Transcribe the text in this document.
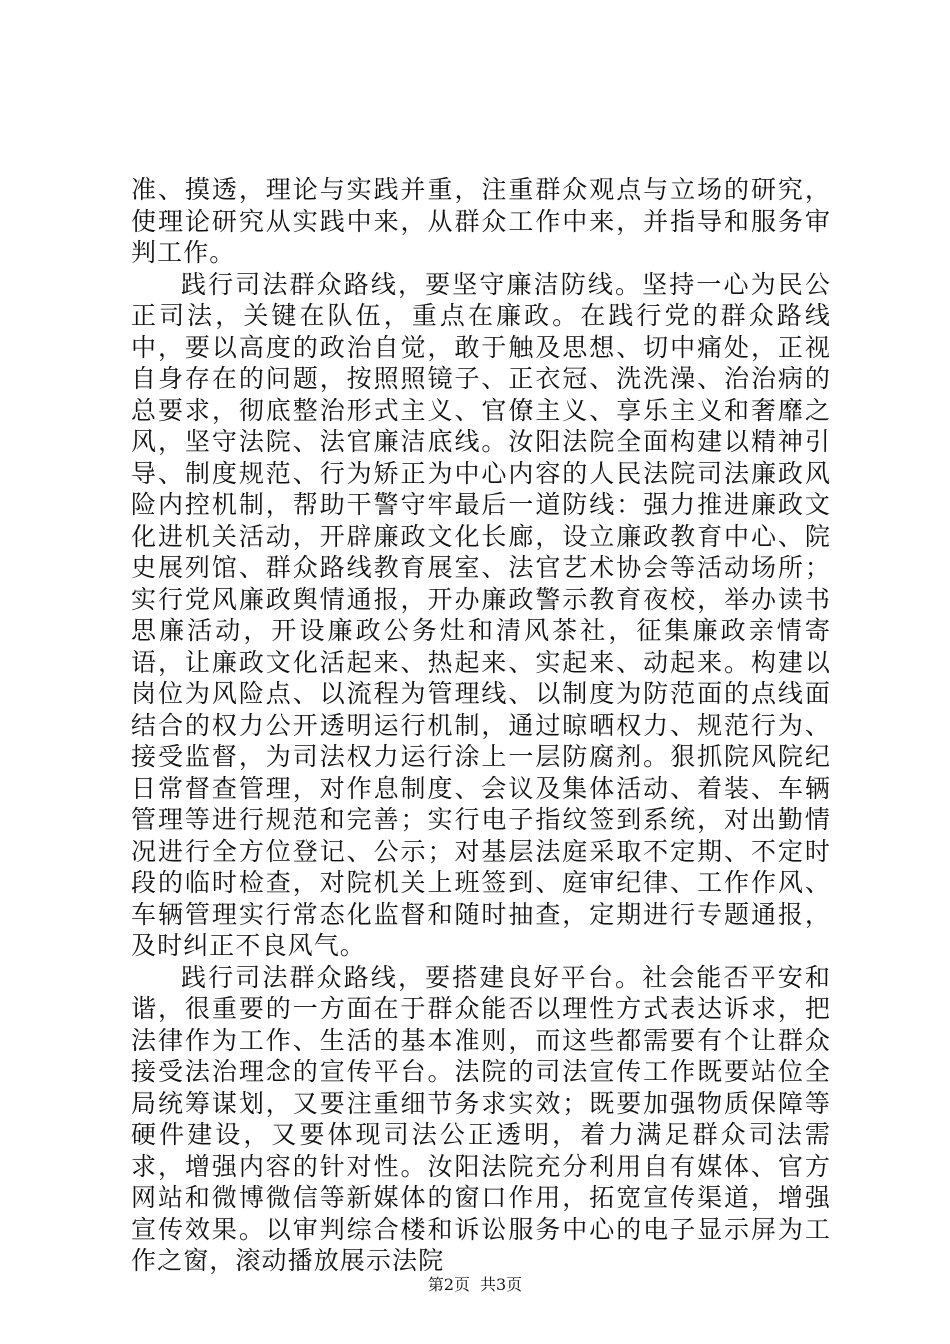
准、摸透，理论与实践并重，注重群众观点与立场的研究，使理论研究从实践中来，从群众工作中来，并指导和服务审判工作。

践行司法群众路线，要坚守廉洁防线。坚持一心为民公正司法，关键在队伍，重点在廉政。在践行党的群众路线中，要以高度的政治自觉，敢于触及思想、切中痛处，正视自身存在的问题，按照照镜子、正衣冠、洗洗澡、治治病的总要求，彻底整治形式主义、官僚主义、享乐主义和奢靡之风，坚守法院、法官廉洁底线。汝阳法院全面构建以精神引导、制度规范、行为矫正为中心内容的人民法院司法廉政风险内控机制，帮助干警守牢最后一道防线：强力推进廉政文化进机关活动，开辟廉政文化长廊，设立廉政教育中心、院史展列馆、群众路线教育展室、法官艺术协会等活动场所；实行党风廉政舆情通报，开办廉政警示教育夜校，举办读书思廉活动，开设廉政公务灶和清风茶社，征集廉政亲情寄语，让廉政文化活起来、热起来、实起来、动起来。构建以岗位为风险点、以流程为管理线、以制度为防范面的点线面结合的权力公开透明运行机制，通过晾晒权力、规范行为、接受监督，为司法权力运行涂上一层防腐剂。狠抓院风院纪日常督查管理，对作息制度、会议及集体活动、着装、车辆管理等进行规范和完善；实行电子指纹签到系统，对出勤情况进行全方位登记、公示；对基层法庭采取不定期、不定时段的临时检查，对院机关上班签到、庭审纪律、工作作风、车辆管理实行常态化监督和随时抽查，定期进行专题通报，及时纠正不良风气。

践行司法群众路线，要搭建良好平台。社会能否平安和谐，很重要的一方面在于群众能否以理性方式表达诉求，把法律作为工作、生活的基本准则，而这些都需要有个让群众接受法治理念的宣传平台。法院的司法宣传工作既要站位全局统筹谋划，又要注重细节务求实效；既要加强物质保障等硬件建设，又要体现司法公正透明，着力满足群众司法需求，增强内容的针对性。汝阳法院充分利用自有媒体、官方网站和微博微信等新媒体的窗口作用，拓宽宣传渠道，增强宣传效果。以审判综合楼和诉讼服务中心的电子显示屏为工作之窗，滚动播放展示法院

第2页 共3页
